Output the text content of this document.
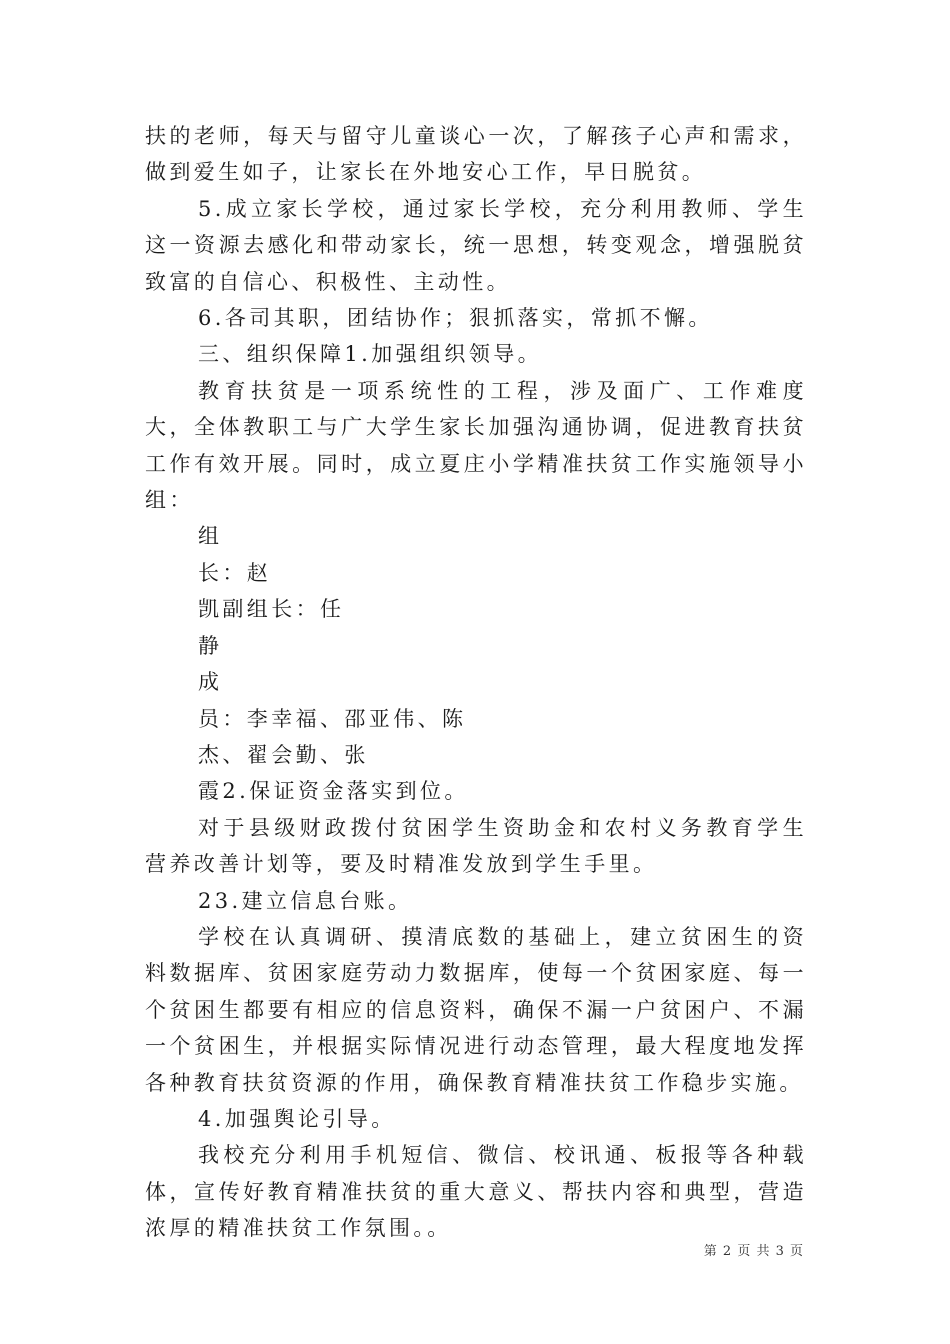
扶的老师，每天与留守儿童谈心一次，了解孩子心声和需求，做到爱生如子，让家长在外地安心工作，早日脱贫。

5.成立家长学校，通过家长学校，充分利用教师、学生这一资源去感化和带动家长，统一思想，转变观念，增强脱贫致富的自信心、积极性、主动性。

6.各司其职，团结协作；狠抓落实，常抓不懈。

三、组织保障1.加强组织领导。

教育扶贫是一项系统性的工程，涉及面广、工作难度大，全体教职工与广大学生家长加强沟通协调，促进教育扶贫工作有效开展。同时，成立夏庄小学精准扶贫工作实施领导小组：

组

长：赵

凯副组长：任

静

成

员：李幸福、邵亚伟、陈

杰、翟会勤、张

霞2.保证资金落实到位。

对于县级财政拨付贫困学生资助金和农村义务教育学生营养改善计划等，要及时精准发放到学生手里。

23.建立信息台账。

学校在认真调研、摸清底数的基础上，建立贫困生的资料数据库、贫困家庭劳动力数据库，使每一个贫困家庭、每一个贫困生都要有相应的信息资料，确保不漏一户贫困户、不漏一个贫困生，并根据实际情况进行动态管理，最大程度地发挥各种教育扶贫资源的作用，确保教育精准扶贫工作稳步实施。

4.加强舆论引导。

我校充分利用手机短信、微信、校讯通、板报等各种载体，宣传好教育精准扶贫的重大意义、帮扶内容和典型，营造浓厚的精准扶贫工作氛围。。

第 2 页 共 3 页
